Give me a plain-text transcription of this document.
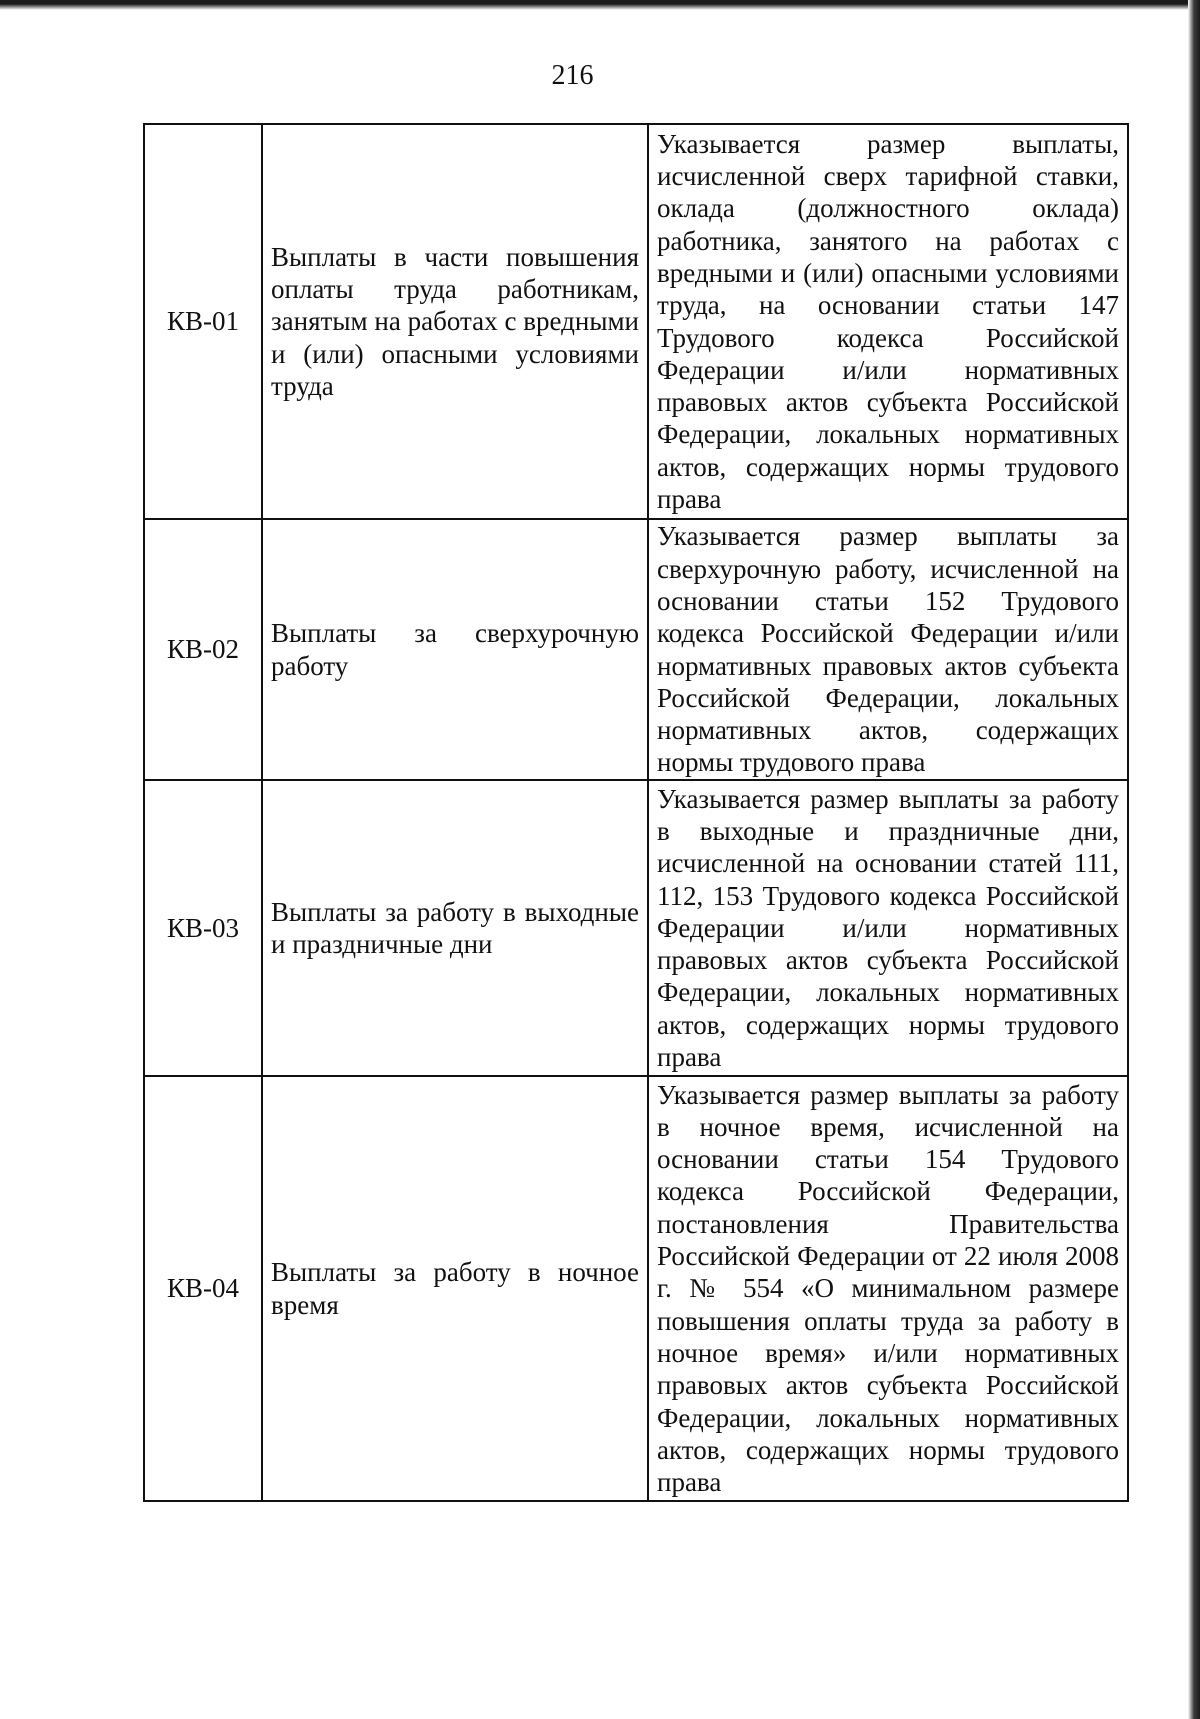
216
КВ-01	Выплаты в части повышения оплаты труда работникам, занятым на работах с вредными и (или) опасными условиями труда	Указывается размер выплаты, исчисленной сверх тарифной ставки, оклада (должностного оклада) работника, занятого на работах с вредными и (или) опасными условиями труда, на основании статьи 147 Трудового кодекса Российской Федерации и/или нормативных правовых актов субъекта Российской Федерации, локальных нормативных актов, содержащих нормы трудового права
КВ-02	Выплаты за сверхурочную работу	Указывается размер выплаты за сверхурочную работу, исчисленной на основании статьи 152 Трудового кодекса Российской Федерации и/или нормативных правовых актов субъекта Российской Федерации, локальных нормативных актов, содержащих нормы трудового права
КВ-03	Выплаты за работу в выходные и праздничные дни	Указывается размер выплаты за работу в выходные и праздничные дни, исчисленной на основании статей 111, 112, 153 Трудового кодекса Российской Федерации и/или нормативных правовых актов субъекта Российской Федерации, локальных нормативных актов, содержащих нормы трудового права
КВ-04	Выплаты за работу в ночное время	Указывается размер выплаты за работу в ночное время, исчисленной на основании статьи 154 Трудового кодекса Российской Федерации, постановления Правительства Российской Федерации от 22 июля 2008 г. № 554 «О минимальном размере повышения оплаты труда за работу в ночное время» и/или нормативных правовых актов субъекта Российской Федерации, локальных нормативных актов, содержащих нормы трудового права
